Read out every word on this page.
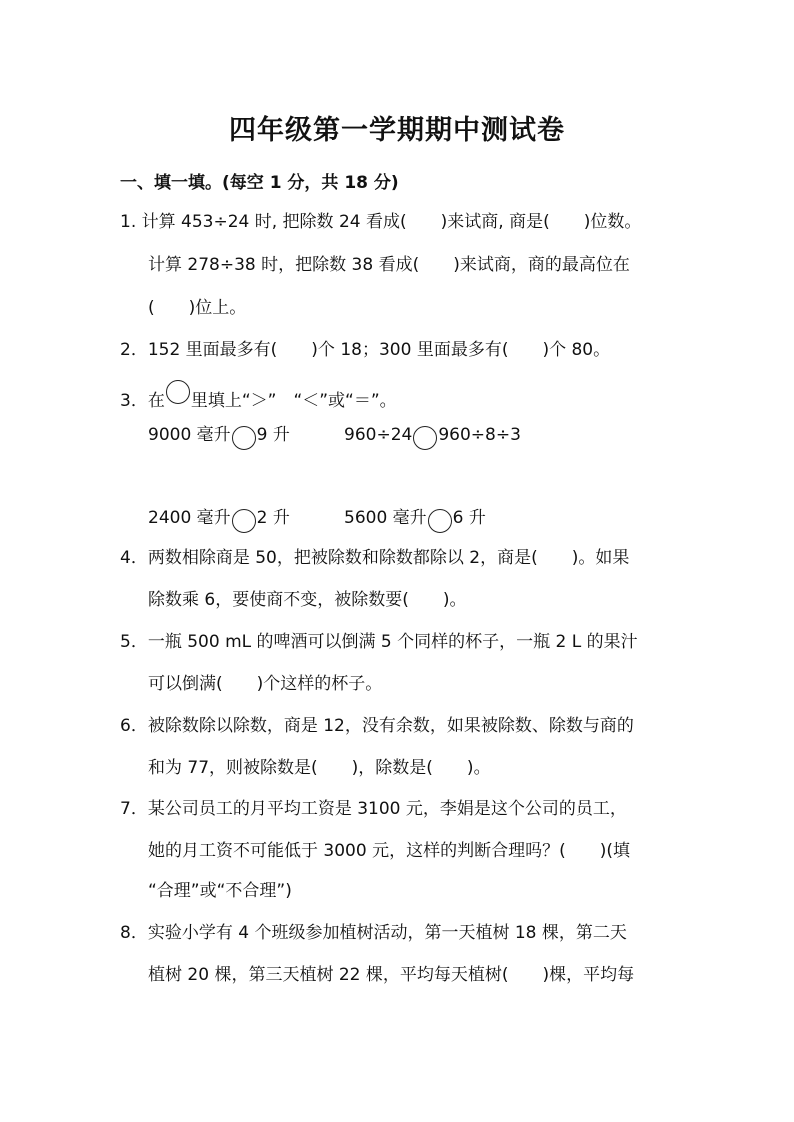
四年级第一学期期中测试卷
一、填一填。(每空 1 分，共 18 分)
1. 计算 453÷24 时, 把除数 24 看成(　　)来试商, 商是(　　)位数。
计算 278÷38 时，把除数 38 看成(　　)来试商，商的最高位在
(　　)位上。
2．152 里面最多有(　　)个 18；300 里面最多有(　　)个 80。
3．在 里填上“＞”　“＜”或“＝”。
9000 毫升 9 升	960÷24 960÷8÷3
2400 毫升 2 升	5600 毫升 6 升
4．两数相除商是 50，把被除数和除数都除以 2，商是(　　)。如果
除数乘 6，要使商不变，被除数要(　　)。
5．一瓶 500 mL 的啤酒可以倒满 5 个同样的杯子，一瓶 2 L 的果汁
可以倒满(　　)个这样的杯子。
6．被除数除以除数，商是 12，没有余数，如果被除数、除数与商的
和为 77，则被除数是(　　)，除数是(　　)。
7．某公司员工的月平均工资是 3100 元，李娟是这个公司的员工，
她的月工资不可能低于 3000 元，这样的判断合理吗？(　　)(填
“合理”或“不合理”)
8．实验小学有 4 个班级参加植树活动，第一天植树 18 棵，第二天
植树 20 棵，第三天植树 22 棵，平均每天植树(　　)棵，平均每
